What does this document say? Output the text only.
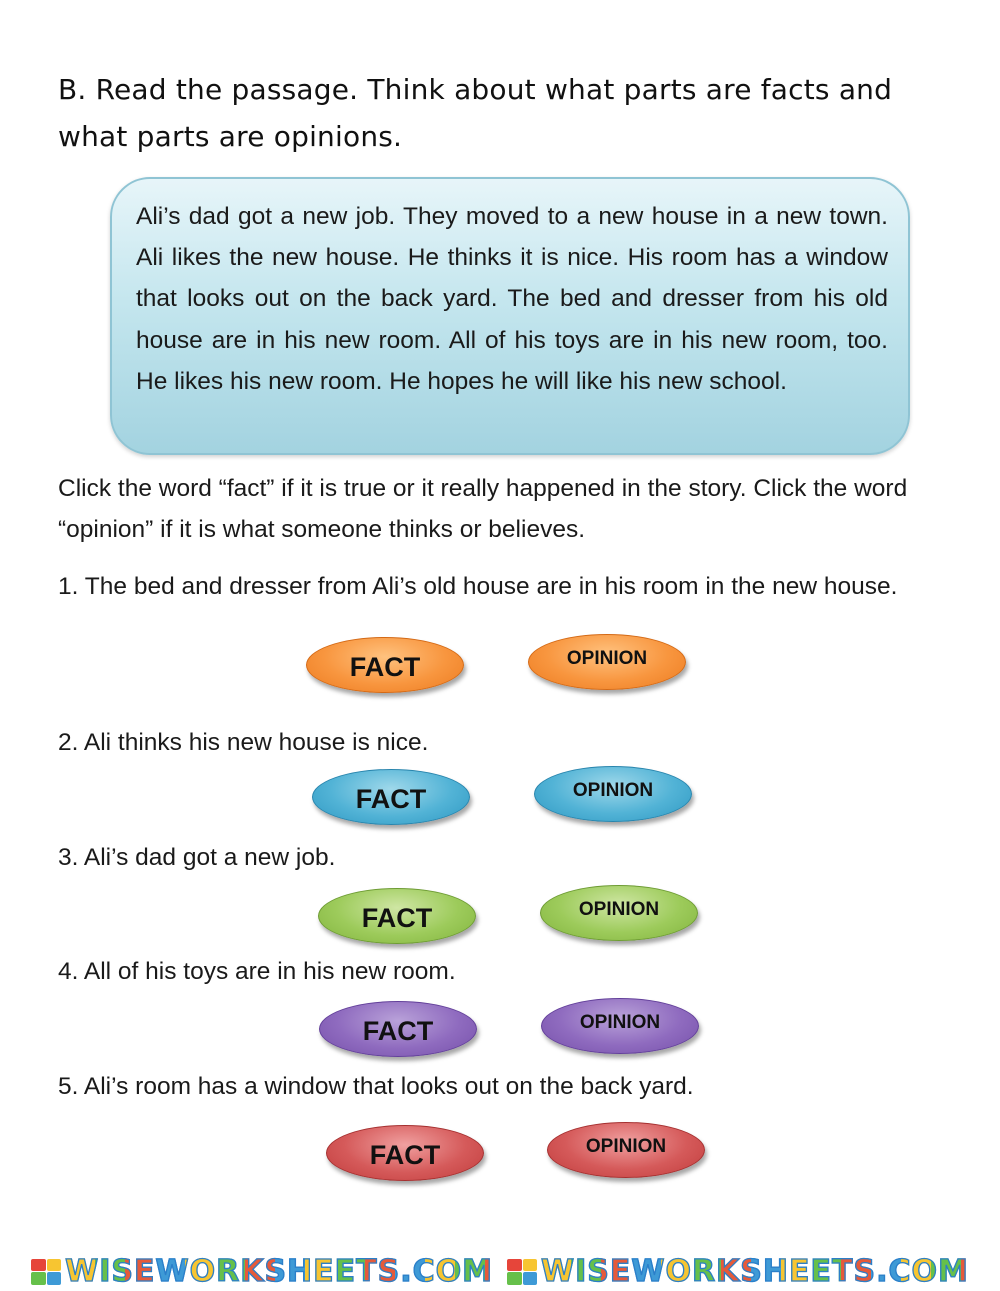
B. Read the passage. Think about what parts are facts and what parts are opinions.

Ali’s dad got a new job. They moved to a new house in a new town. Ali likes the new house. He thinks it is nice. His room has a window that looks out on the back yard. The bed and dresser from his old house are in his new room. All of his toys are in his new room, too. He likes his new room. He hopes he will like his new school.

Click the word “fact” if it is true or it really happened in the story. Click the word “opinion” if it is what someone thinks or believes.

1. The bed and dresser from Ali’s old house are in his room in the new house.

FACT	OPINION

2. Ali thinks his new house is nice.

FACT	OPINION

3. Ali’s dad got a new job.

FACT	OPINION

4. All of his toys are in his new room.

FACT	OPINION

5. Ali’s room has a window that looks out on the back yard.

FACT	OPINION
WISEWORKSHEETS.COM WISEWORKSHEETS.COM
